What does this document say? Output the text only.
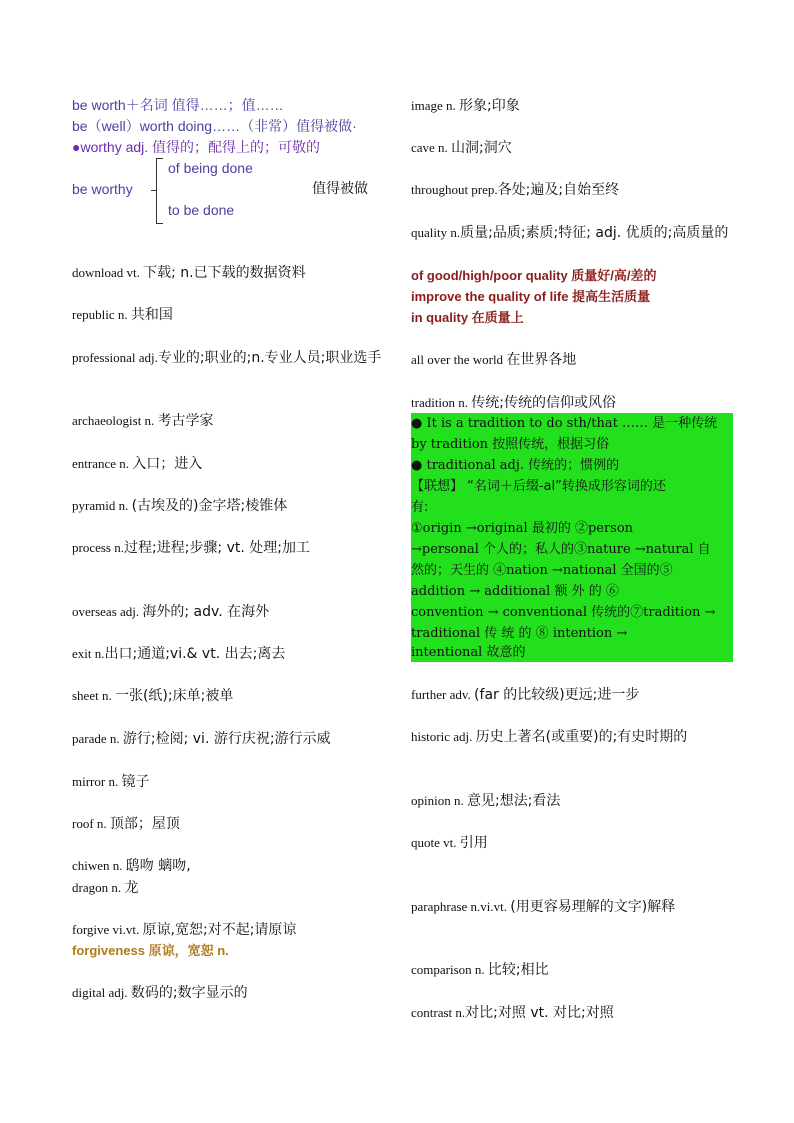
be worth＋名词 值得……；值……
be（well）worth doing……（非常）值得被做·
●worthy adj. 值得的；配得上的；可敬的
be worthy
of being done
to be done
值得被做
download vt. 下载; n.已下载的数据资料
republic n. 共和国
professional adj.专业的;职业的;n.专业人员;职业选手
archaeologist n. 考古学家
entrance n. 入口；进入
pyramid n. (古埃及的)金字塔;棱锥体
process n.过程;进程;步骤; vt. 处理;加工
overseas adj. 海外的; adv. 在海外
exit n.出口;通道;vi.& vt. 出去;离去
sheet n. 一张(纸);床单;被单
parade n. 游行;检阅; vi. 游行庆祝;游行示威
mirror n. 镜子
roof n. 顶部；屋顶
chiwen n. 鸱吻 螭吻,
dragon n. 龙
forgive vi.vt. 原谅,宽恕;对不起;请原谅
forgiveness 原谅，宽恕 n.
digital adj. 数码的;数字显示的
image n. 形象;印象
cave n. 山洞;洞穴
throughout prep.各处;遍及;自始至终
quality n.质量;品质;素质;特征; adj. 优质的;高质量的
of good/high/poor quality 质量好/高/差的
improve the quality of life 提高生活质量
in quality 在质量上
all over the world 在世界各地
tradition n. 传统;传统的信仰或风俗
● It is a tradition to do sth/that …… 是一种传统
by tradition 按照传统，根据习俗
● traditional adj. 传统的；惯例的
【联想】 “名词＋后缀-al”转换成形容词的还
有:
①origin →original 最初的 ②person
→personal 个人的；私人的③nature →natural 自
然的；天生的 ④nation →national 全国的⑤
addition → additional 额 外 的 ⑥
convention → conventional 传统的⑦tradition →
traditional 传 统 的 ⑧ intention →
intentional 故意的
further adv. (far 的比较级)更远;进一步
historic adj. 历史上著名(或重要)的;有史时期的
opinion n. 意见;想法;看法
quote vt. 引用
paraphrase n.vi.vt. (用更容易理解的文字)解释
comparison n. 比较;相比
contrast n.对比;对照 vt. 对比;对照
